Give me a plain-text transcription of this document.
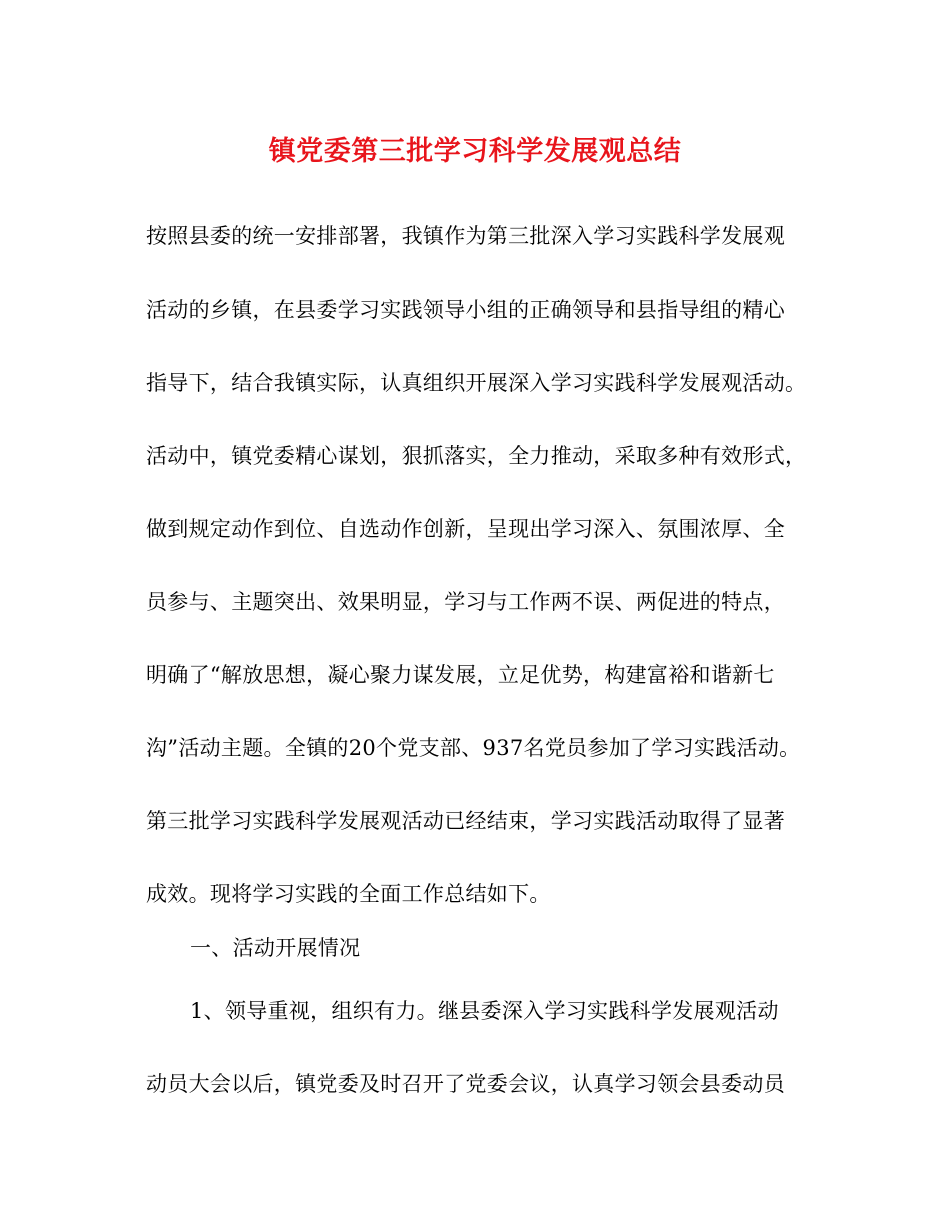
镇党委第三批学习科学发展观总结
按照县委的统一安排部署，我镇作为第三批深入学习实践科学发展观
活动的乡镇，在县委学习实践领导小组的正确领导和县指导组的精心
指导下，结合我镇实际，认真组织开展深入学习实践科学发展观活动。
活动中，镇党委精心谋划，狠抓落实，全力推动，采取多种有效形式，
做到规定动作到位、自选动作创新，呈现出学习深入、氛围浓厚、全
员参与、主题突出、效果明显，学习与工作两不误、两促进的特点，
明确了“解放思想，凝心聚力谋发展，立足优势，构建富裕和谐新七
沟”活动主题。全镇的20个党支部、937名党员参加了学习实践活动。
第三批学习实践科学发展观活动已经结束，学习实践活动取得了显著
成效。现将学习实践的全面工作总结如下。
一、活动开展情况
1、领导重视，组织有力。继县委深入学习实践科学发展观活动
动员大会以后，镇党委及时召开了党委会议，认真学习领会县委动员
